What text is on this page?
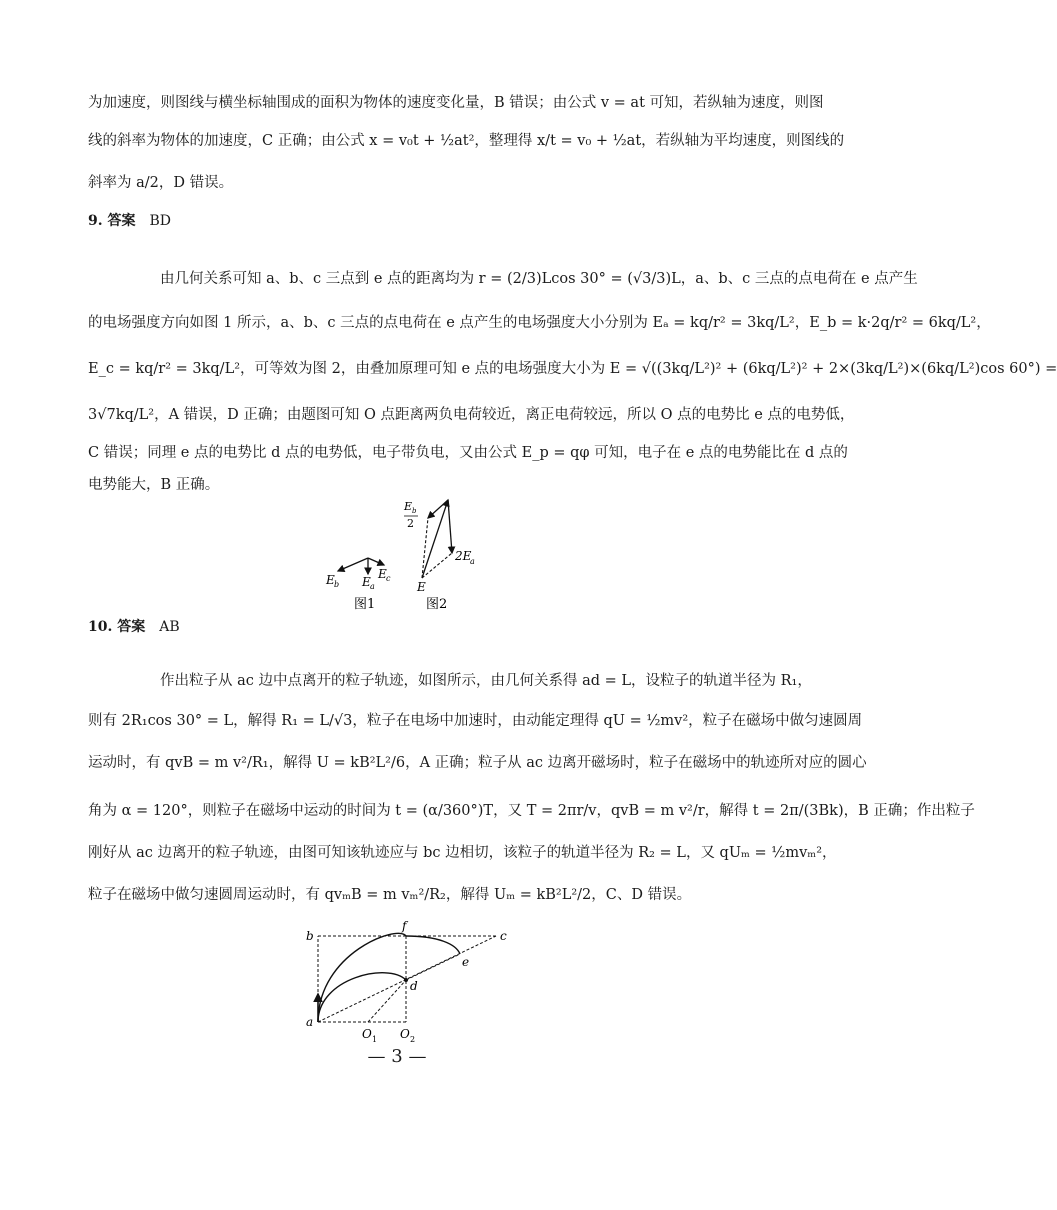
为加速度，则图线与横坐标轴围成的面积为物体的速度变化量，B 错误；由公式 v = at 可知，若纵轴为速度，则图
线的斜率为物体的加速度，C 正确；由公式 x = v₀t + ½at²，整理得 x/t = v₀ + ½at，若纵轴为平均速度，则图线的
斜率为 a/2，D 错误。
9. 答案 BD
由几何关系可知 a、b、c 三点到 e 点的距离均为 r = (2/3)Lcos 30° = (√3/3)L，a、b、c 三点的点电荷在 e 点产生
的电场强度方向如图 1 所示，a、b、c 三点的点电荷在 e 点产生的电场强度大小分别为 Eₐ = kq/r² = 3kq/L²，E_b = k·2q/r² = 6kq/L²，
E_c = kq/r² = 3kq/L²，可等效为图 2，由叠加原理可知 e 点的电场强度大小为 E = √((3kq/L²)² + (6kq/L²)² + 2×(3kq/L²)×(6kq/L²)cos 60°) =
3√7kq/L²，A 错误，D 正确；由题图可知 O 点距离两负电荷较近，离正电荷较远，所以 O 点的电势比 e 点的电势低，
C 错误；同理 e 点的电势比 d 点的电势低，电子带负电，又由公式 E_p = qφ 可知，电子在 e 点的电势能比在 d 点的
电势能大，B 正确。
E b E a
E c
图1
E b
2
2E
a
E
图2
10. 答案 AB
作出粒子从 ac 边中点离开的粒子轨迹，如图所示，由几何关系得 ad = L，设粒子的轨道半径为 R₁，
则有 2R₁cos 30° = L，解得 R₁ = L/√3，粒子在电场中加速时，由动能定理得 qU = ½mv²，粒子在磁场中做匀速圆周
运动时，有 qvB = m v²/R₁，解得 U = kB²L²/6，A 正确；粒子从 ac 边离开磁场时，粒子在磁场中的轨迹所对应的圆心
角为 α = 120°，则粒子在磁场中运动的时间为 t = (α/360°)T，又 T = 2πr/v，qvB = m v²/r，解得 t = 2π/(3Bk)，B 正确；作出粒子
刚好从 ac 边离开的粒子轨迹，由图可知该轨迹应与 bc 边相切，该粒子的轨道半径为 R₂ = L，又 qUₘ = ½mvₘ²，
粒子在磁场中做匀速圆周运动时，有 qvₘB = m vₘ²/R₂，解得 Uₘ = kB²L²/2，C、D 错误。
a
b	c
d
e
f
O 1 O 2
— 3 —
